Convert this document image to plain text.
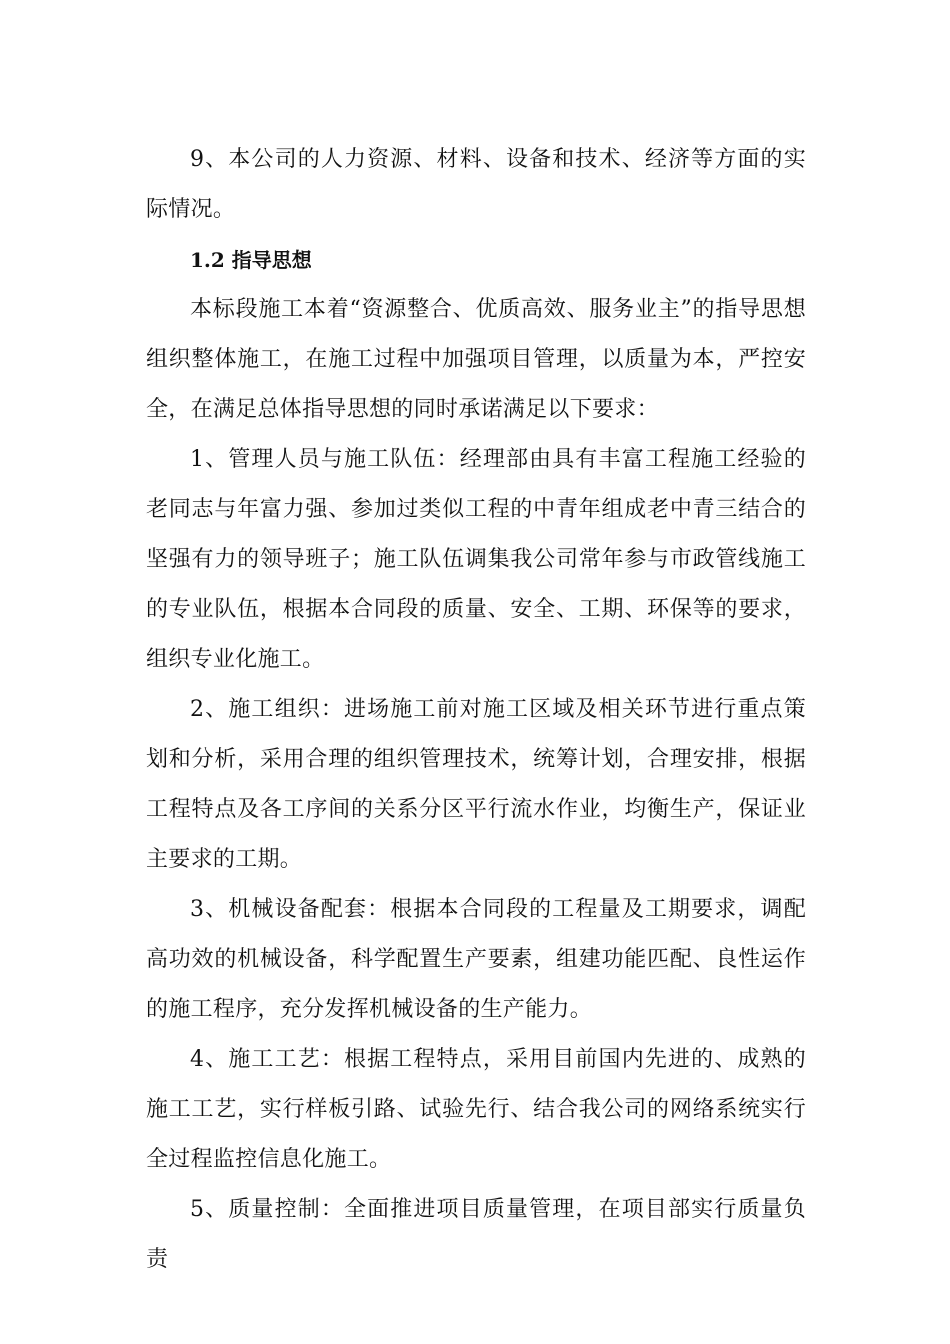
9、本公司的人力资源、材料、设备和技术、经济等方面的实际情况。

1.2 指导思想

本标段施工本着“资源整合、优质高效、服务业主”的指导思想组织整体施工，在施工过程中加强项目管理，以质量为本，严控安全，在满足总体指导思想的同时承诺满足以下要求：

1、管理人员与施工队伍：经理部由具有丰富工程施工经验的老同志与年富力强、参加过类似工程的中青年组成老中青三结合的坚强有力的领导班子；施工队伍调集我公司常年参与市政管线施工的专业队伍，根据本合同段的质量、安全、工期、环保等的要求，组织专业化施工。

2、施工组织：进场施工前对施工区域及相关环节进行重点策划和分析，采用合理的组织管理技术，统筹计划，合理安排，根据工程特点及各工序间的关系分区平行流水作业，均衡生产，保证业主要求的工期。

3、机械设备配套：根据本合同段的工程量及工期要求，调配高功效的机械设备，科学配置生产要素，组建功能匹配、良性运作的施工程序，充分发挥机械设备的生产能力。

4、施工工艺：根据工程特点，采用目前国内先进的、成熟的施工工艺，实行样板引路、试验先行、结合我公司的网络系统实行全过程监控信息化施工。

5、质量控制：全面推进项目质量管理，在项目部实行质量负责
